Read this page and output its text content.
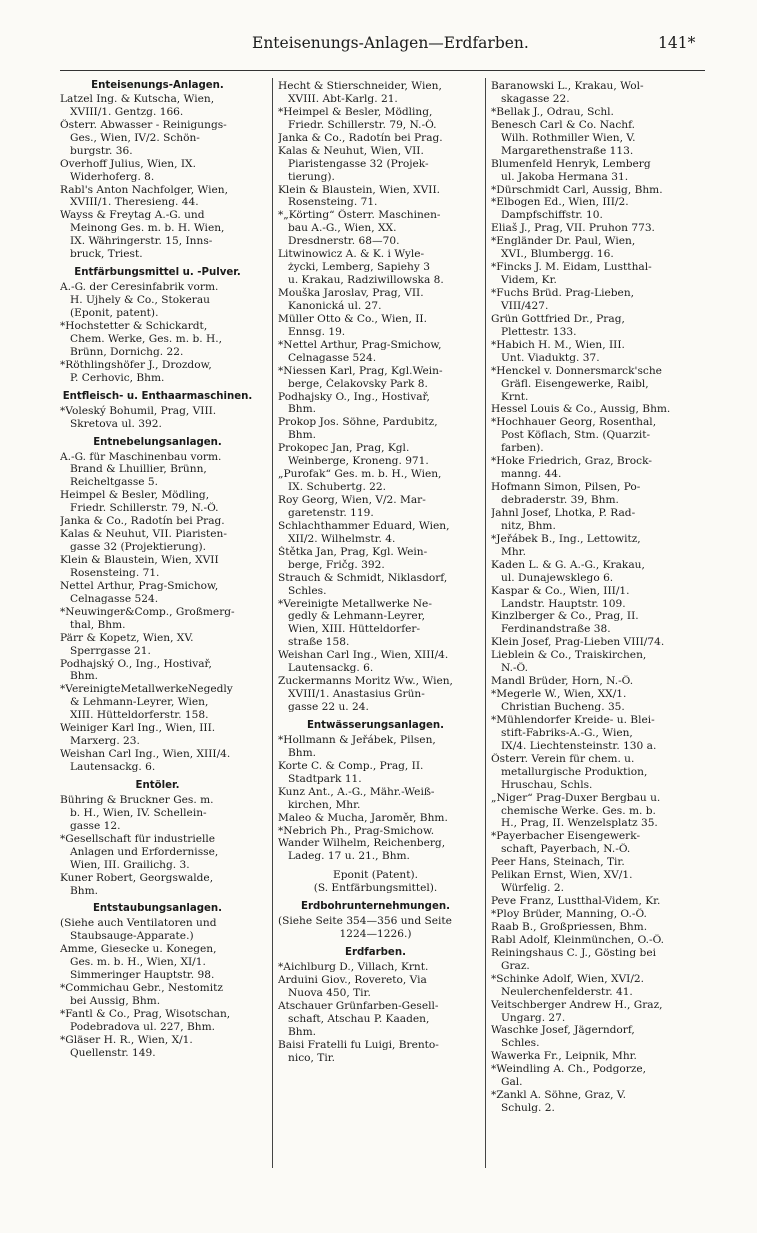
Enteisenungs-Anlagen—Erdfarben.	141*
Enteisenungs-Anlagen.
Latzel Ing. & Kutscha, Wien,
XVIII/1. Gentzg. 166.
Österr. Abwasser - Reinigungs-
Ges., Wien, IV/2. Schön-
burgstr. 36.
Overhoff Julius, Wien, IX.
Widerhoferg. 8.
Rabl's Anton Nachfolger, Wien,
XVIII/1. Theresieng. 44.
Wayss & Freytag A.-G. und
Meinong Ges. m. b. H. Wien,
IX. Währingerstr. 15, Inns-
bruck, Triest.
Entfärbungsmittel u. -Pulver.
A.-G. der Ceresinfabrik vorm.
H. Ujhely & Co., Stokerau
(Eponit, patent).
*Hochstetter & Schickardt,
Chem. Werke, Ges. m. b. H.,
Brünn, Dornichg. 22.
*Röthlingshöfer J., Drozdow,
P. Cerhovic, Bhm.
Entfleisch- u. Enthaarmaschinen.
*Voleský Bohumil, Prag, VIII.
Skretova ul. 392.
Entnebelungsanlagen.
A.-G. für Maschinenbau vorm.
Brand & Lhuillier, Brünn,
Reicheltgasse 5.
Heimpel & Besler, Mödling,
Friedr. Schillerstr. 79, N.-Ö.
Janka & Co., Radotín bei Prag.
Kalas & Neuhut, VII. Piaristen-
gasse 32 (Projektierung).
Klein & Blaustein, Wien, XVII
Rosensteing. 71.
Nettel Arthur, Prag-Smichow,
Celnagasse 524.
*Neuwinger&Comp., Großmerg-
thal, Bhm.
Pärr & Kopetz, Wien, XV.
Sperrgasse 21.
Podhajský O., Ing., Hostivař,
Bhm.
*VereinigteMetallwerkeNegedly
& Lehmann-Leyrer, Wien,
XIII. Hütteldorferstr. 158.
Weiniger Karl Ing., Wien, III.
Marxerg. 23.
Weishan Carl Ing., Wien, XIII/4.
Lautensackg. 6.
Entöler.
Bühring & Bruckner Ges. m.
b. H., Wien, IV. Schellein-
gasse 12.
*Gesellschaft für industrielle
Anlagen und Erfordernisse,
Wien, III. Grailichg. 3.
Kuner Robert, Georgswalde,
Bhm.
Entstaubungsanlagen.
(Siehe auch Ventilatoren und
Staubsauge-Apparate.)
Amme, Giesecke u. Konegen,
Ges. m. b. H., Wien, XI/1.
Simmeringer Hauptstr. 98.
*Commichau Gebr., Nestomitz
bei Aussig, Bhm.
*Fantl & Co., Prag, Wisotschan,
Podebradova ul. 227, Bhm.
*Gläser H. R., Wien, X/1.
Quellenstr. 149.
Hecht & Stierschneider, Wien,
XVIII. Abt-Karlg. 21.
*Heimpel & Besler, Mödling,
Friedr. Schillerstr. 79, N.-Ö.
Janka & Co., Radotín bei Prag.
Kalas & Neuhut, Wien, VII.
Piaristengasse 32 (Projek-
tierung).
Klein & Blaustein, Wien, XVII.
Rosensteing. 71.
*„Körting“ Österr. Maschinen-
bau A.-G., Wien, XX.
Dresdnerstr. 68—70.
Litwinowicz A. & K. i Wyle-
życki, Lemberg, Sapiehy 3
u. Krakau, Radziwillowska 8.
Mouška Jaroslav, Prag, VII.
Kanonická ul. 27.
Müller Otto & Co., Wien, II.
Ennsg. 19.
*Nettel Arthur, Prag-Smichow,
Celnagasse 524.
*Niessen Karl, Prag, Kgl.Wein-
berge, Čelakovsky Park 8.
Podhajsky O., Ing., Hostivař,
Bhm.
Prokop Jos. Söhne, Pardubitz,
Bhm.
Prokopec Jan, Prag, Kgl.
Weinberge, Kroneng. 971.
„Purofak“ Ges. m. b. H., Wien,
IX. Schubertg. 22.
Roy Georg, Wien, V/2. Mar-
garetenstr. 119.
Schlachthammer Eduard, Wien,
XII/2. Wilhelmstr. 4.
Štětka Jan, Prag, Kgl. Wein-
berge, Fričg. 392.
Strauch & Schmidt, Niklasdorf,
Schles.
*Vereinigte Metallwerke Ne-
gedly & Lehmann-Leyrer,
Wien, XIII. Hütteldorfer-
straße 158.
Weishan Carl Ing., Wien, XIII/4.
Lautensackg. 6.
Zuckermanns Moritz Ww., Wien,
XVIII/1. Anastasius Grün-
gasse 22 u. 24.
Entwässerungsanlagen.
*Hollmann & Jeřábek, Pilsen,
Bhm.
Korte C. & Comp., Prag, II.
Stadtpark 11.
Kunz Ant., A.-G., Mähr.-Weiß-
kirchen, Mhr.
Maleo & Mucha, Jaroměr, Bhm.
*Nebrich Ph., Prag-Smichow.
Wander Wilhelm, Reichenberg,
Ladeg. 17 u. 21., Bhm.
Eponit (Patent).
(S. Entfärbungsmittel).
Erdbohrunternehmungen.
(Siehe Seite 354—356 und Seite
1224—1226.)
Erdfarben.
*Aichlburg D., Villach, Krnt.
Arduini Giov., Rovereto, Via
Nuova 450, Tir.
Atschauer Grünfarben-Gesell-
schaft, Atschau P. Kaaden,
Bhm.
Baisi Fratelli fu Luigi, Brento-
nico, Tir.
Baranowski L., Krakau, Wol-
skagasse 22.
*Bellak J., Odrau, Schl.
Benesch Carl & Co. Nachf.
Wilh. Rothmiller Wien, V.
Margarethenstraße 113.
Blumenfeld Henryk, Lemberg
ul. Jakoba Hermana 31.
*Dürschmidt Carl, Aussig, Bhm.
*Elbogen Ed., Wien, III/2.
Dampfschiffstr. 10.
Eliaš J., Prag, VII. Pruhon 773.
*Engländer Dr. Paul, Wien,
XVI., Blumbergg. 16.
*Fincks J. M. Eidam, Lustthal-
Videm, Kr.
*Fuchs Brüd. Prag-Lieben,
VIII/427.
Grün Gottfried Dr., Prag,
Plettestr. 133.
*Habich H. M., Wien, III.
Unt. Viaduktg. 37.
*Henckel v. Donnersmarck'sche
Gräfl. Eisengewerke, Raibl,
Krnt.
Hessel Louis & Co., Aussig, Bhm.
*Hochhauer Georg, Rosenthal,
Post Köflach, Stm. (Quarzit-
farben).
*Hoke Friedrich, Graz, Brock-
manng. 44.
Hofmann Simon, Pilsen, Po-
debraderstr. 39, Bhm.
Jahnl Josef, Lhotka, P. Rad-
nitz, Bhm.
*Jeřábek B., Ing., Lettowitz,
Mhr.
Kaden L. & G. A.-G., Krakau,
ul. Dunajewsklego 6.
Kaspar & Co., Wien, III/1.
Landstr. Hauptstr. 109.
Kinzlberger & Co., Prag, II.
Ferdinandstraße 38.
Klein Josef, Prag-Lieben VIII/74.
Lieblein & Co., Traiskirchen,
N.-Ö.
Mandl Brüder, Horn, N.-Ö.
*Megerle W., Wien, XX/1.
Christian Bucheng. 35.
*Mühlendorfer Kreide- u. Blei-
stift-Fabriks-A.-G., Wien,
IX/4. Liechtensteinstr. 130 a.
Österr. Verein für chem. u.
metallurgische Produktion,
Hruschau, Schls.
„Niger“ Prag-Duxer Bergbau u.
chemische Werke. Ges. m. b.
H., Prag, II. Wenzelsplatz 35.
*Payerbacher Eisengewerk-
schaft, Payerbach, N.-Ö.
Peer Hans, Steinach, Tir.
Pelikan Ernst, Wien, XV/1.
Würfelig. 2.
Peve Franz, Lustthal-Videm, Kr.
*Ploy Brüder, Manning, O.-Ö.
Raab B., Großpriessen, Bhm.
Rabl Adolf, Kleinmünchen, O.-Ö.
Reiningshaus C. J., Gösting bei
Graz.
*Schinke Adolf, Wien, XVI/2.
Neulerchenfelderstr. 41.
Veitschberger Andrew H., Graz,
Ungarg. 27.
Waschke Josef, Jägerndorf,
Schles.
Wawerka Fr., Leipnik, Mhr.
*Weindling A. Ch., Podgorze,
Gal.
*Zankl A. Söhne, Graz, V.
Schulg. 2.
